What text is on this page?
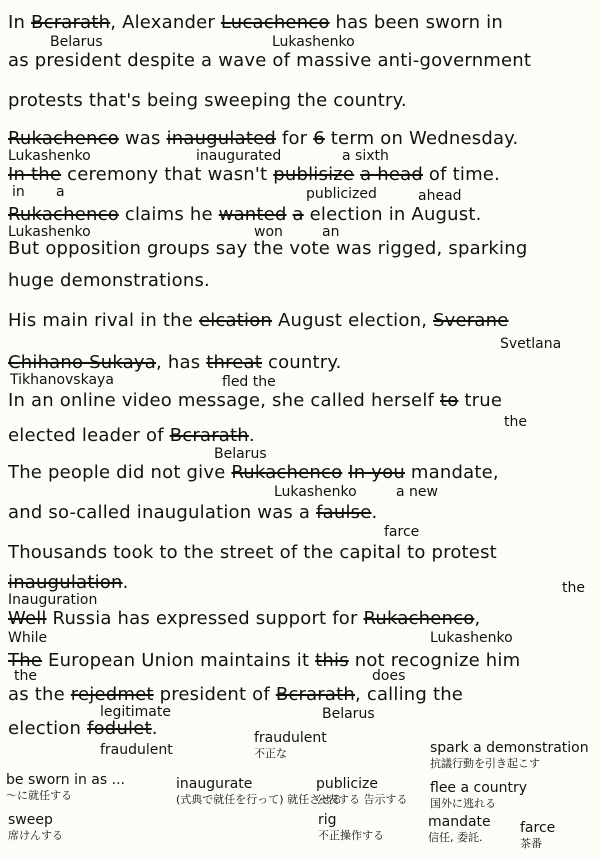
In Bcrarath, Alexander Lucachenco has been sworn in
as president despite a wave of massive anti-government
protests that's being sweeping the country.
Rukachenco was inaugulated for 6 term on Wednesday.
In the ceremony that wasn't publisize a head of time.
Rukachenco claims he wanted a election in August.
But opposition groups say the vote was rigged, sparking
huge demonstrations.
His main rival in the elcation August election, Sverane
Chihano Sukaya, has threat country.
In an online video message, she called herself to true
elected leader of Bcrarath.
The people did not give Rukachenco In you mandate,
and so-called inaugulation was a faulse.
Thousands took to the street of the capital to protest
inaugulation.
Well Russia has expressed support for Rukachenco,
The European Union maintains it this not recognize him
as the rejedmet president of Bcrarath, calling the
election fodulet.
Belarus	Lukashenko
Lukashenko	inaugurated	a sixth
in a	publicized	ahead
Lukashenko	won	an
Svetlana
Tikhanovskaya	fled the
the
Belarus
Lukashenko	a new
farce
the
Inauguration
While	Lukashenko
the	does
legitimate	Belarus
fraudulent
fraudulent
不正な	spark a demonstration
抗議行動を引き起こす
be sworn in as ...
～に就任する
inaugurate
(式典で就任を行って) 就任させる
publicize
公表する 告示する
flee a country
国外に逃れる
sweep
席けんする
rig
不正操作する
mandate
信任, 委託.
farce
茶番
